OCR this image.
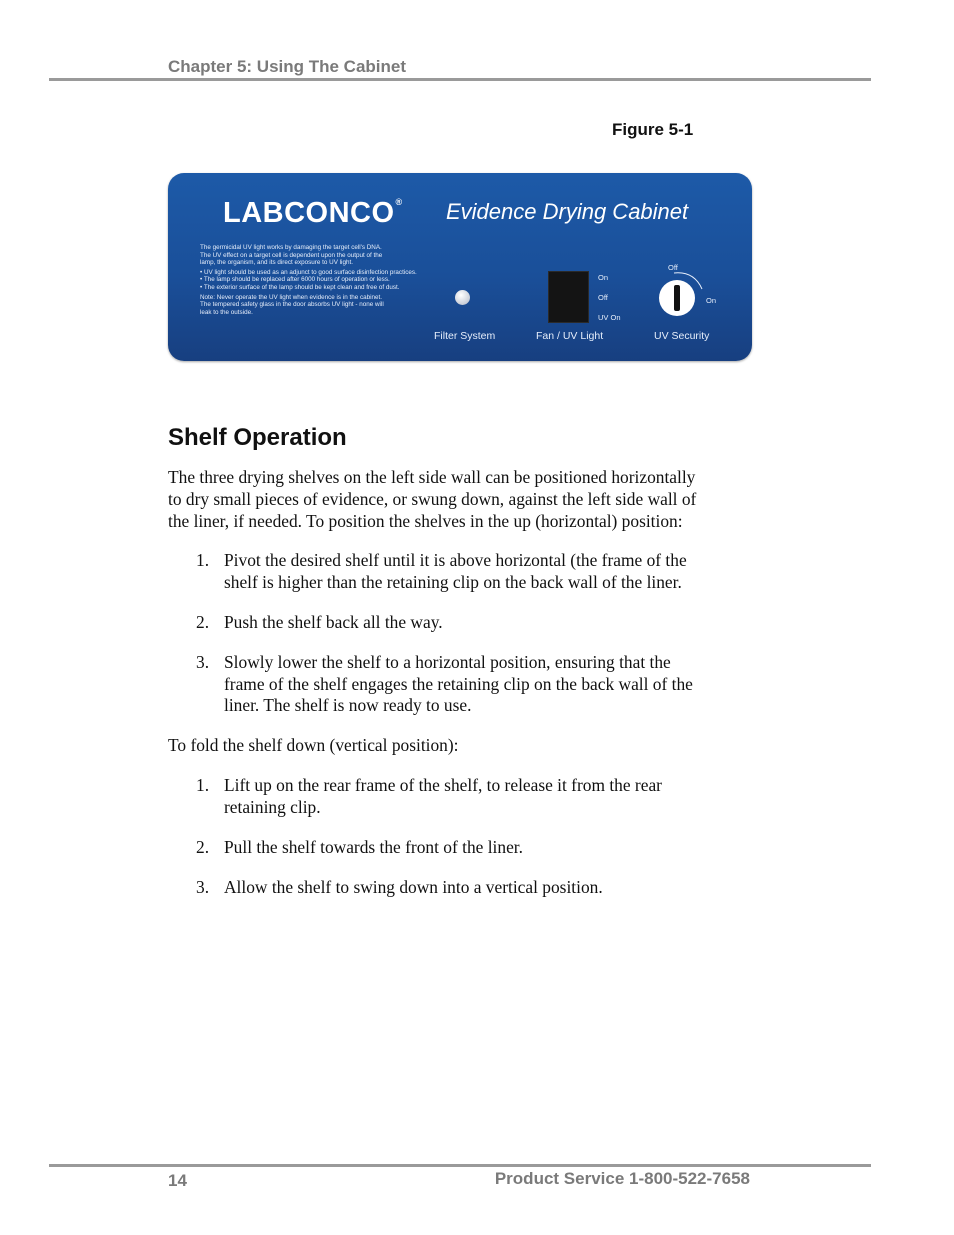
Chapter 5: Using The Cabinet
Figure 5-1
LABCONCO® Evidence Drying Cabinet

The germicidal UV light works by damaging the target cell's DNA.

The UV effect on a target cell is dependent upon the output of the

lamp, the organism, and its direct exposure to UV light.

• UV light should be used as an adjunct to good surface disinfection practices.

• The lamp should be replaced after 6000 hours of operation or less.

• The exterior surface of the lamp should be kept clean and free of dust.

Note: Never operate the UV light when evidence is in the cabinet.

The tempered safety glass in the door absorbs UV light - none will

leak to the outside.

On
Off
UV On
Off
On
Filter System	Fan / UV Light	UV Security
Shelf Operation
The three drying shelves on the left side wall can be positioned horizontally
to dry small pieces of evidence, or swung down, against the left side wall of
the liner, if needed. To position the shelves in the up (horizontal) position:
1. Pivot the desired shelf until it is above horizontal (the frame of the
shelf is higher than the retaining clip on the back wall of the liner.
2. Push the shelf back all the way.
3. Slowly lower the shelf to a horizontal position, ensuring that the
frame of the shelf engages the retaining clip on the back wall of the
liner. The shelf is now ready to use.
To fold the shelf down (vertical position):
1. Lift up on the rear frame of the shelf, to release it from the rear
retaining clip.
2. Pull the shelf towards the front of the liner.
3. Allow the shelf to swing down into a vertical position.
14	Product Service 1-800-522-7658
